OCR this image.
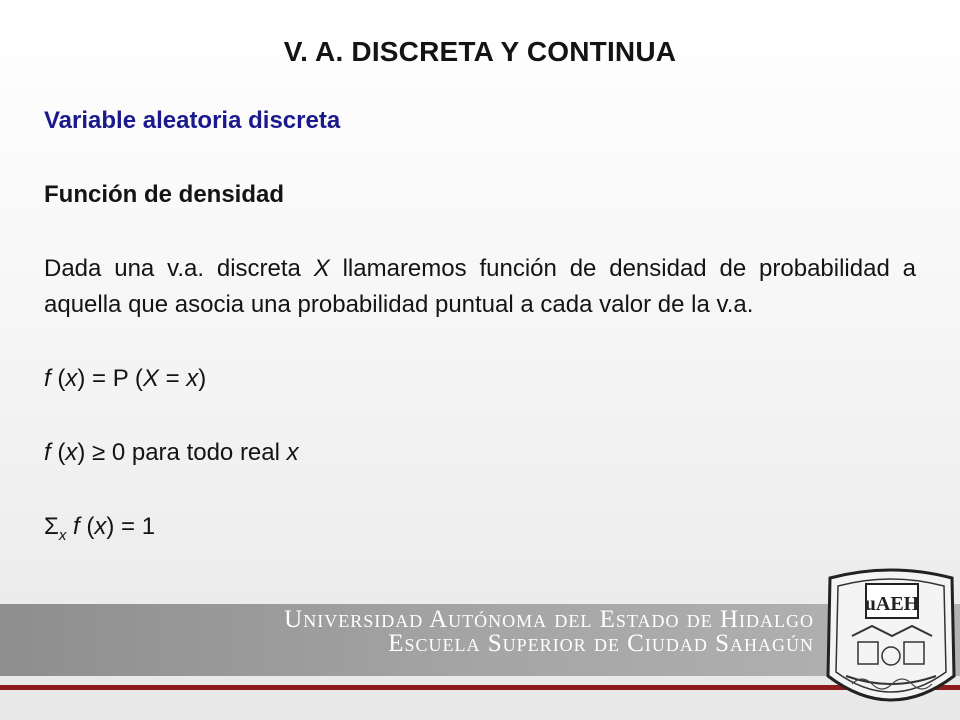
V. A. DISCRETA Y CONTINUA
Variable aleatoria discreta
Función de densidad
Dada una v.a. discreta X llamaremos función de densidad de probabilidad a aquella que asocia una probabilidad puntual a cada valor de la v.a.
f (x) = P (X = x)
f (x) ≥ 0 para todo real x
$\Sigma_x$ f (x) = 1
Universidad Autónoma del Estado de Hidalgo
Escuela Superior de Ciudad Sahagún
uAEH
